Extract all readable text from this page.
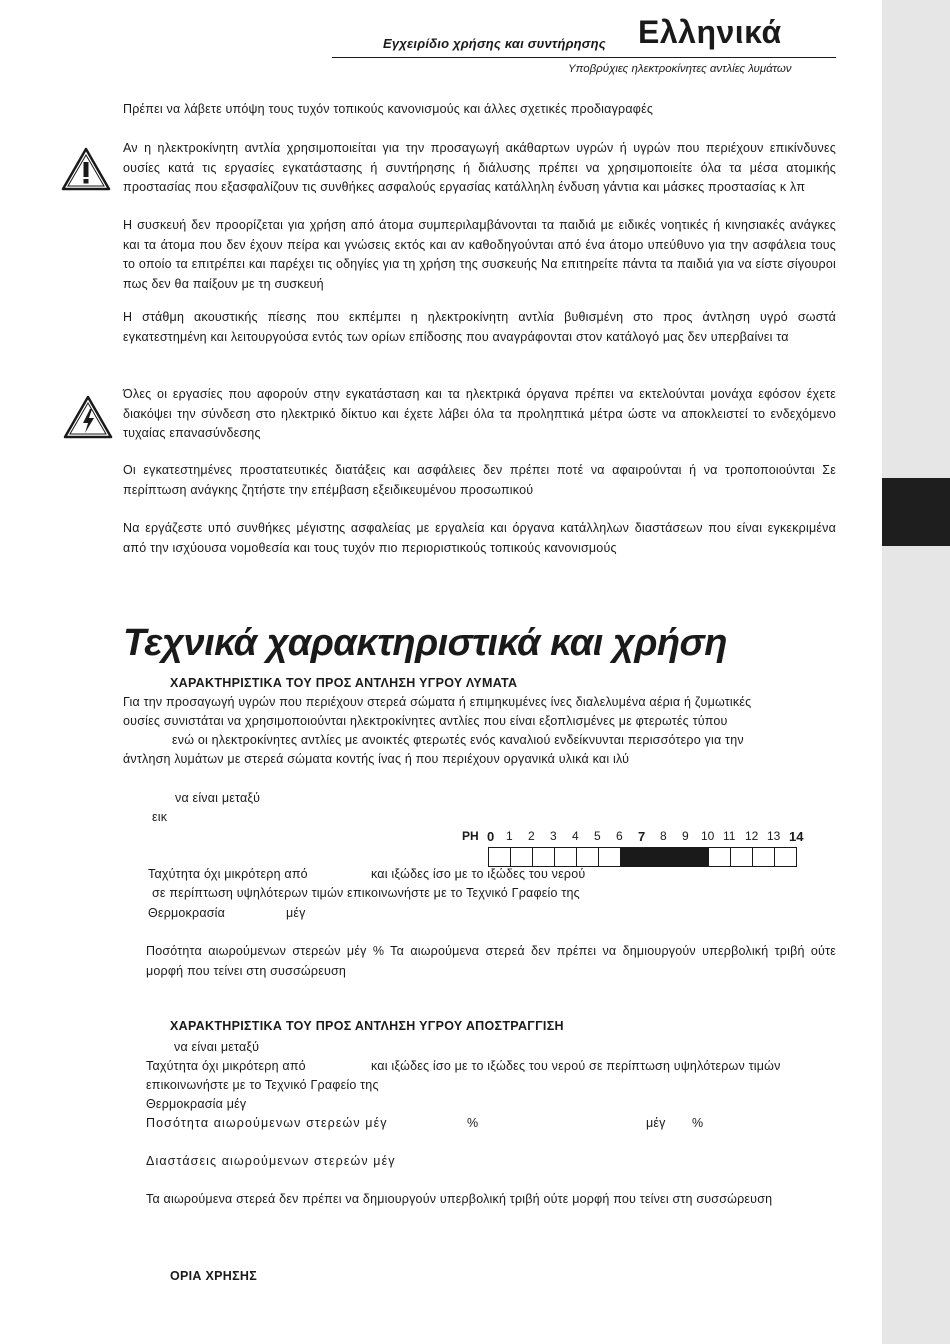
Εγχειρίδιο χρήσης και συντήρησης Ελληνικά
Υποβρύχιες ηλεκτροκίνητες αντλίες λυμάτων
Πρέπει να λάβετε υπόψη τους τυχόν τοπικούς κανονισμούς και άλλες σχετικές προδιαγραφές
Αν η ηλεκτροκίνητη αντλία χρησιμοποιείται για την προσαγωγή ακάθαρτων υγρών ή υγρών που περιέχουν επικίνδυνες ουσίες κατά τις εργασίες εγκατάστασης ή συντήρησης ή διάλυσης πρέπει να χρησιμοποιείτε όλα τα μέσα ατομικής προστασίας που εξασφαλίζουν τις συνθήκες ασφαλούς εργασίας κατάλληλη ένδυση γάντια και μάσκες προστασίας κ λπ
Η συσκευή δεν προορίζεται για χρήση από άτομα συμπεριλαμβάνονται τα παιδιά με ειδικές νοητικές ή κινησιακές ανάγκες και τα άτομα που δεν έχουν πείρα και γνώσεις εκτός και αν καθοδηγούνται από ένα άτομο υπεύθυνο για την ασφάλεια τους το οποίο τα επιτρέπει και παρέχει τις οδηγίες για τη χρήση της συσκευής Να επιτηρείτε πάντα τα παιδιά για να είστε σίγουροι πως δεν θα παίξουν με τη συσκευή
Η στάθμη ακουστικής πίεσης που εκπέμπει η ηλεκτροκίνητη αντλία βυθισμένη στο προς άντληση υγρό σωστά εγκατεστημένη και λειτουργούσα εντός των ορίων επίδοσης που αναγράφονται στον κατάλογό μας δεν υπερβαίνει τα
Όλες οι εργασίες που αφορούν στην εγκατάσταση και τα ηλεκτρικά όργανα πρέπει να εκτελούνται μονάχα εφόσον έχετε διακόψει την σύνδεση στο ηλεκτρικό δίκτυο και έχετε λάβει όλα τα προληπτικά μέτρα ώστε να αποκλειστεί το ενδεχόμενο τυχαίας επανασύνδεσης
Οι εγκατεστημένες προστατευτικές διατάξεις και ασφάλειες δεν πρέπει ποτέ να αφαιρούνται ή να τροποποιούνται Σε περίπτωση ανάγκης ζητήστε την επέμβαση εξειδικευμένου προσωπικού
Να εργάζεστε υπό συνθήκες μέγιστης ασφαλείας με εργαλεία και όργανα κατάλληλων διαστάσεων που είναι εγκεκριμένα από την ισχύουσα νομοθεσία και τους τυχόν πιο περιοριστικούς τοπικούς κανονισμούς
Τεχνικά χαρακτηριστικά και χρήση
ΧΑΡΑΚΤΗΡΙΣΤΙΚΑ ΤΟΥ ΠΡΟΣ ΑΝΤΛΗΣΗ ΥΓΡΟΥ ΛΥΜΑΤΑ
Για την προσαγωγή υγρών που περιέχουν στερεά σώματα ή επιμηκυμένες ίνες διαλελυμένα αέρια ή ζυμωτικές
ουσίες συνιστάται να χρησιμοποιούνται ηλεκτροκίνητες αντλίες που είναι εξοπλισμένες με φτερωτές τύπου
ενώ οι ηλεκτροκίνητες αντλίες με ανοικτές φτερωτές ενός καναλιού ενδείκνυνται περισσότερο για την
άντληση λυμάτων με στερεά σώματα κοντής ίνας ή που περιέχουν οργανικά υλικά και ιλύ
να είναι μεταξύ
εικ
PH 0 1 2 3 4 5 6 7 8 9 10 11 12 13 14
Ταχύτητα όχι μικρότερη από	και ιξώδες ίσο με το ιξώδες του νερού
σε περίπτωση υψηλότερων τιμών επικοινωνήστε με το Τεχνικό Γραφείο της
Θερμοκρασία	μέγ
Ποσότητα αιωρούμενων στερεών μέγ % Τα αιωρούμενα στερεά δεν πρέπει να δημιουργούν υπερβολική τριβή ούτε μορφή που τείνει στη συσσώρευση
ΧΑΡΑΚΤΗΡΙΣΤΙΚΑ ΤΟΥ ΠΡΟΣ ΑΝΤΛΗΣΗ ΥΓΡΟΥ ΑΠΟΣΤΡΑΓΓΙΣΗ
να είναι μεταξύ
Ταχύτητα όχι μικρότερη από	και ιξώδες ίσο με το ιξώδες του νερού σε περίπτωση υψηλότερων τιμών
επικοινωνήστε με το Τεχνικό Γραφείο της
Θερμοκρασία μέγ
Ποσότητα αιωρούμενων στερεών μέγ	%	μέγ %
Διαστάσεις αιωρούμενων στερεών μέγ
Τα αιωρούμενα στερεά δεν πρέπει να δημιουργούν υπερβολική τριβή ούτε μορφή που τείνει στη συσσώρευση
ΟΡΙΑ ΧΡΗΣΗΣ
